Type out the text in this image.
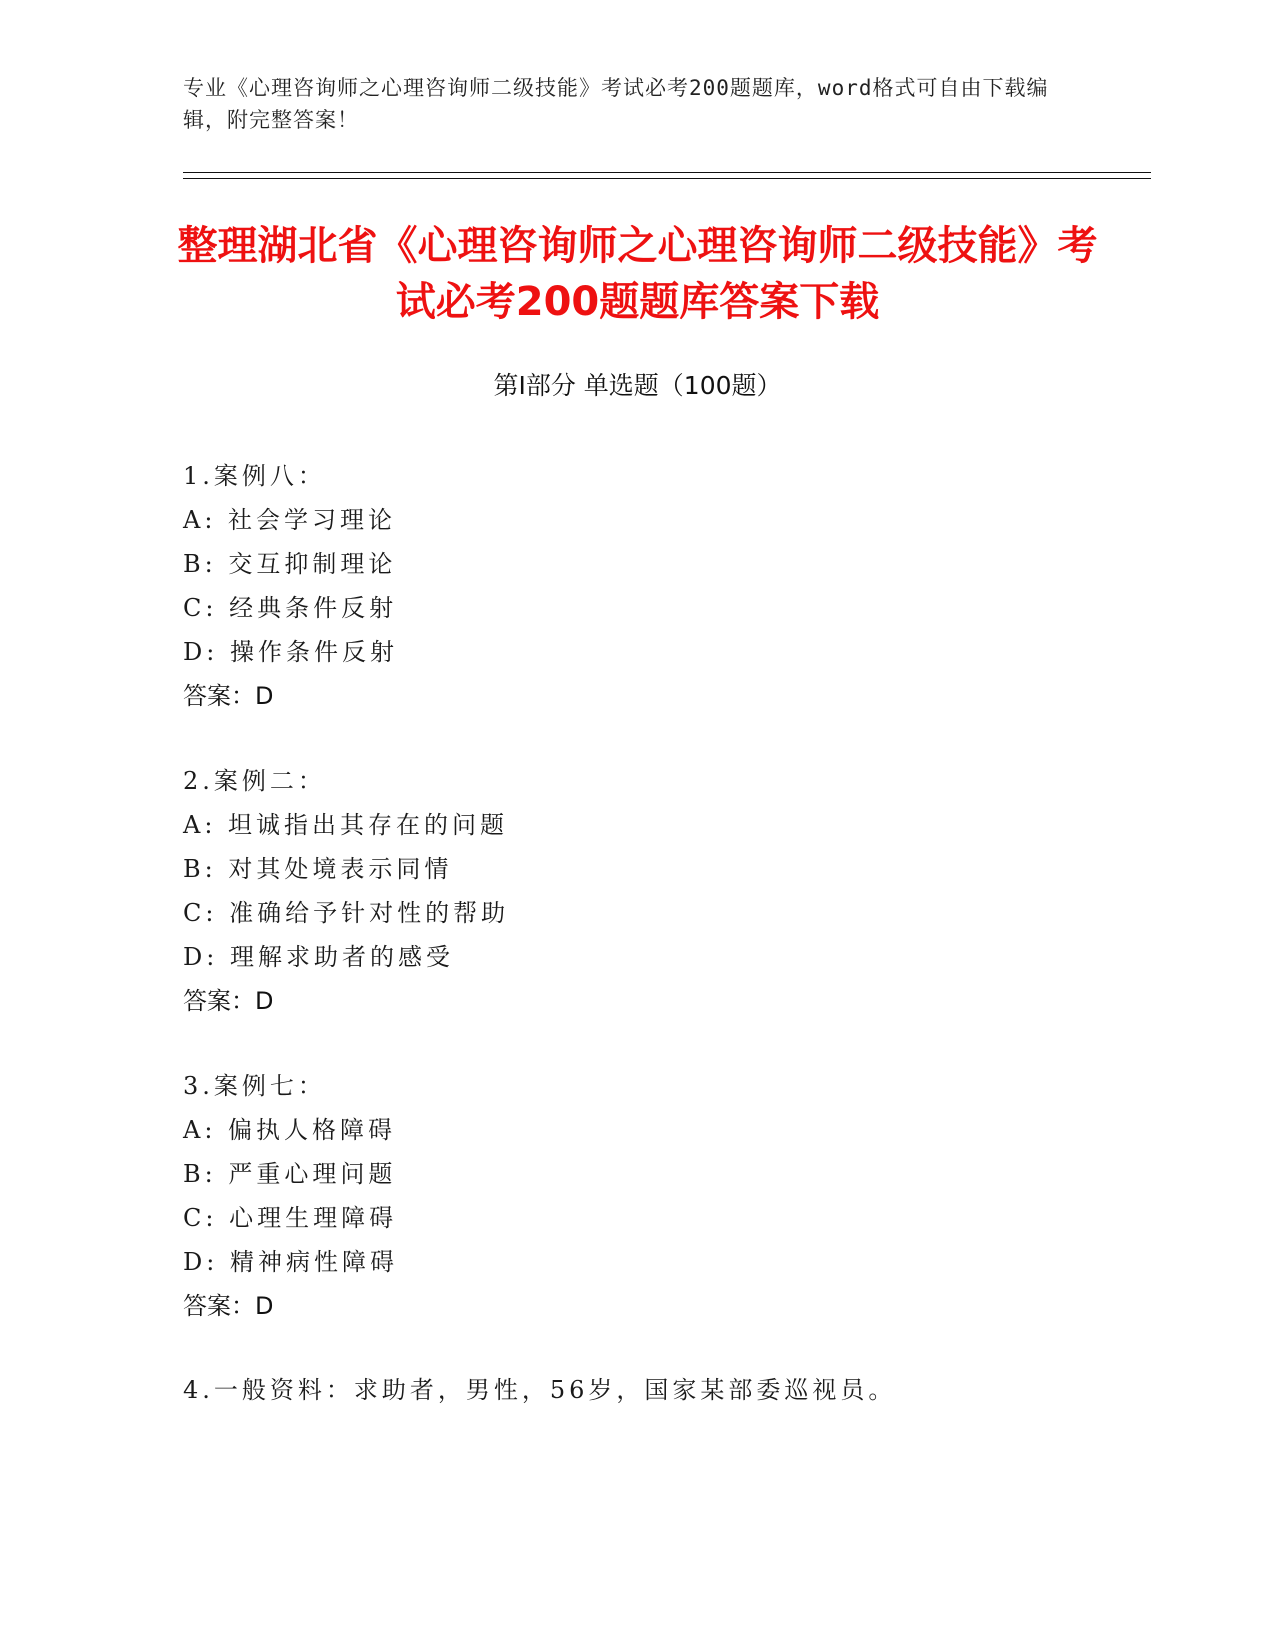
专业《心理咨询师之心理咨询师二级技能》考试必考200题题库，word格式可自由下载编辑，附完整答案！
整理湖北省《心理咨询师之心理咨询师二级技能》考试必考200题题库答案下载
第I部分 单选题（100题）
1.案例八：
A: 社会学习理论
B: 交互抑制理论
C: 经典条件反射
D: 操作条件反射
答案：D
2.案例二：
A: 坦诚指出其存在的问题
B: 对其处境表示同情
C: 准确给予针对性的帮助
D: 理解求助者的感受
答案：D
3.案例七：
A: 偏执人格障碍
B: 严重心理问题
C: 心理生理障碍
D: 精神病性障碍
答案：D
4.一般资料：求助者，男性，56岁，国家某部委巡视员。
